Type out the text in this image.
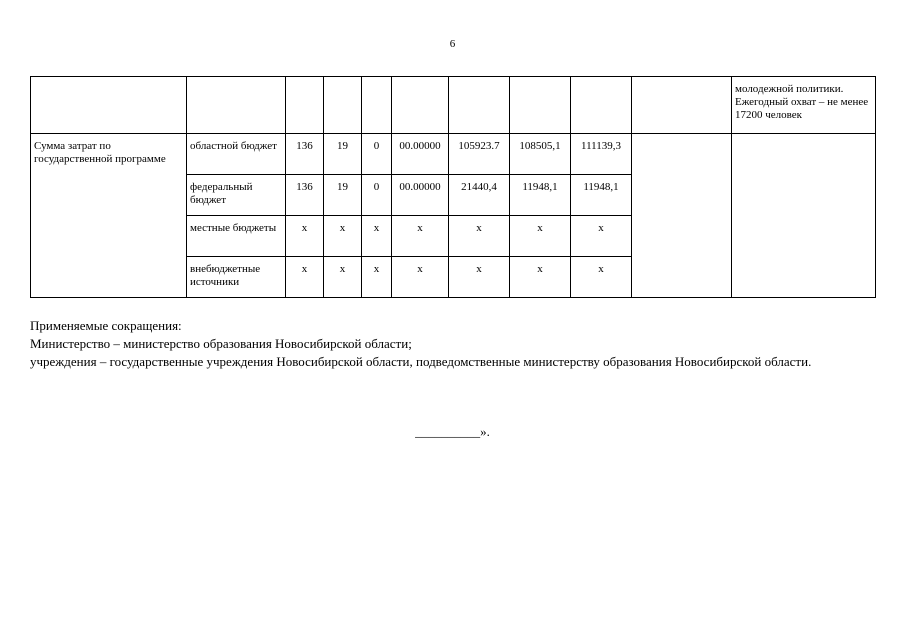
6
										молодежной политики. Ежегодный охват – не менее 17200 человек
Сумма затрат по государственной программе	областной бюджет	136	19	0	00.00000	105923.7	108505,1	111139,3		
	федеральный бюджет	136	19	0	00.00000	21440,4	11948,1	11948,1		
	местные бюджеты	x	x	x	x	x	x	x		
	внебюджетные источники	x	x	x	x	x	x	x		

Применяемые сокращения:

Министерство – министерство образования Новосибирской области;

учреждения – государственные учреждения Новосибирской области, подведомственные министерству образования Новосибирской области.

__________».
